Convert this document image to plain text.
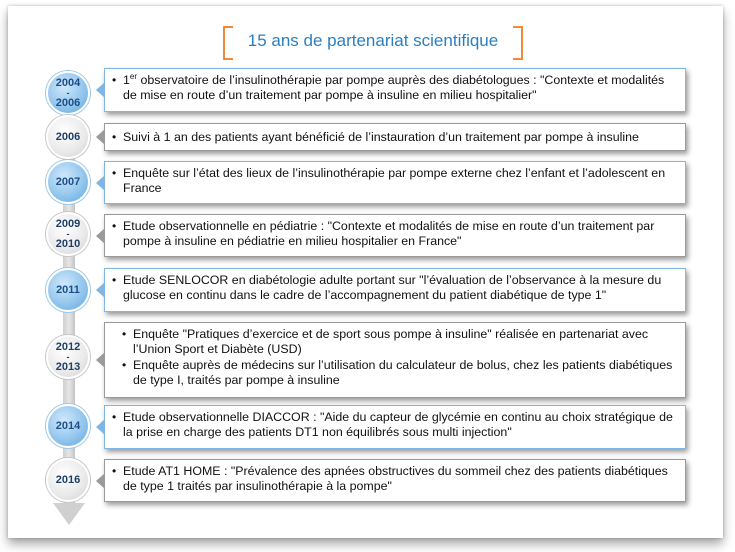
15 ans de partenariat scientifique
2004
-
2006
• 1er observatoire de l’insulinothérapie par pompe auprès des diabétologues : "Contexte et modalités de mise en route d’un traitement par pompe à insuline en milieu hospitalier"
2006
•	Suivi à 1 an des patients ayant bénéficié de l’instauration d’un traitement par pompe à insuline
2007
• Enquête sur l’état des lieux de l’insulinothérapie par pompe externe chez l’enfant et l’adolescent en France
2009
-
2010
• Etude observationnelle en pédiatrie : "Contexte et modalités de mise en route d’un traitement par pompe à insuline en pédiatrie en milieu hospitalier en France"
2011
• Etude SENLOCOR en diabétologie adulte portant sur "l’évaluation de l’observance à la mesure du glucose en continu dans le cadre de l’accompagnement du patient diabétique de type 1"
2012
-
2013
• Enquête "Pratiques d’exercice et de sport sous pompe à insuline" réalisée en partenariat avec l’Union Sport et Diabète (USD)
• Enquête auprès de médecins sur l’utilisation du calculateur de bolus, chez les patients diabétiques de type I, traités par pompe à insuline
2014
• Etude observationnelle DIACCOR : "Aide du capteur de glycémie en continu au choix stratégique de la prise en charge des patients DT1 non équilibrés sous multi injection"
2016
• Etude AT1 HOME : "Prévalence des apnées obstructives du sommeil chez des patients diabétiques de type 1 traités par insulinothérapie à la pompe"
